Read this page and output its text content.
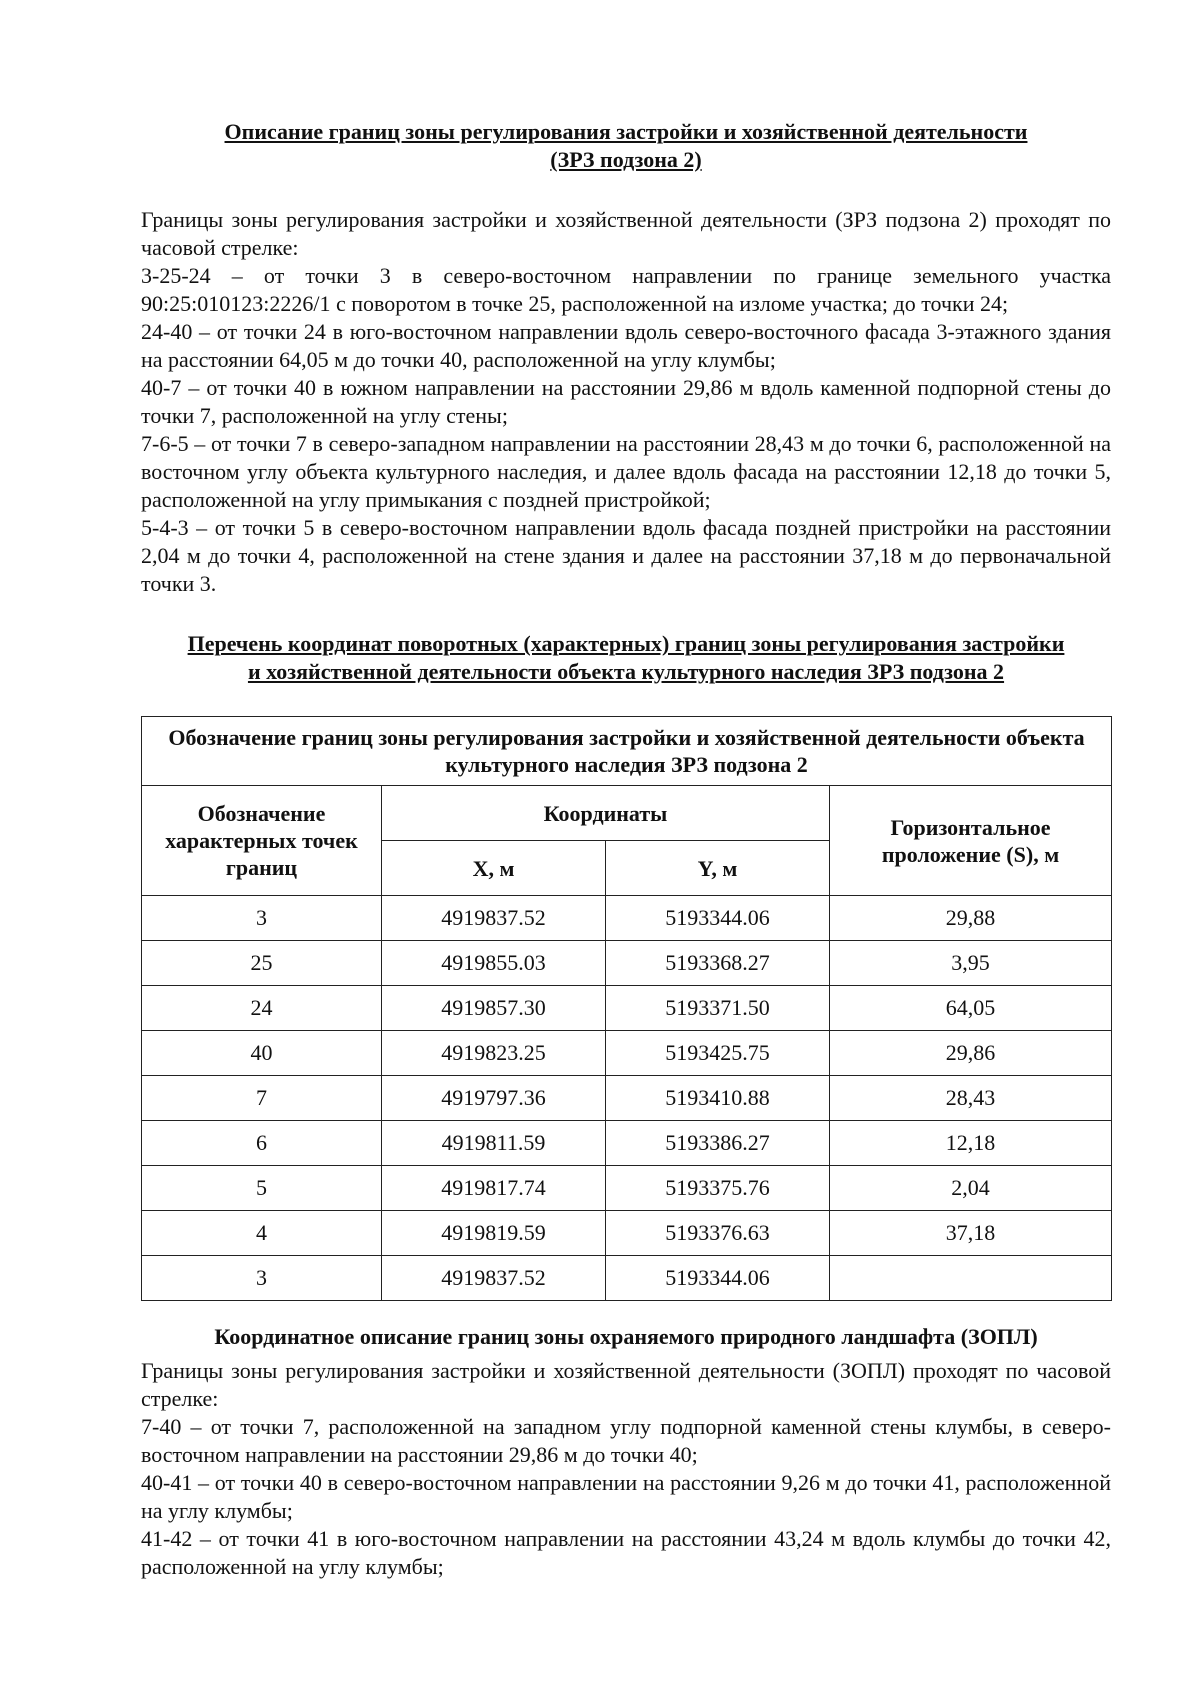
Описание границ зоны регулирования застройки и хозяйственной деятельности
(ЗРЗ подзона 2)

Границы зоны регулирования застройки и хозяйственной деятельности (ЗРЗ подзона 2) проходят по часовой стрелке:

3-25-24 – от точки 3 в северо-восточном направлении по границе земельного участка 90:25:010123:2226/1 с поворотом в точке 25, расположенной на изломе участка; до точки 24;

24-40 – от точки 24 в юго-восточном направлении вдоль северо-восточного фасада 3-этажного здания на расстоянии 64,05 м до точки 40, расположенной на углу клумбы;

40-7 – от точки 40 в южном направлении на расстоянии 29,86 м вдоль каменной подпорной стены до точки 7, расположенной на углу стены;

7-6-5 – от точки 7 в северо-западном направлении на расстоянии 28,43 м до точки 6, расположенной на восточном углу объекта культурного наследия, и далее вдоль фасада на расстоянии 12,18 до точки 5, расположенной на углу примыкания с поздней пристройкой;

5-4-3 – от точки 5 в северо-восточном направлении вдоль фасада поздней пристройки на расстоянии 2,04 м до точки 4, расположенной на стене здания и далее на расстоянии 37,18 м до первоначальной точки 3.

Перечень координат поворотных (характерных) границ зоны регулирования застройки
и хозяйственной деятельности объекта культурного наследия ЗРЗ подзона 2
Обозначение границ зоны регулирования застройки и хозяйственной деятельности объекта культурного наследия ЗРЗ подзона 2			
Обозначение характерных точек границ	Координаты		Горизонтальное проложение (S), м
	X, м	Y, м	
3	4919837.52	5193344.06	29,88
25	4919855.03	5193368.27	3,95
24	4919857.30	5193371.50	64,05
40	4919823.25	5193425.75	29,86
7	4919797.36	5193410.88	28,43
6	4919811.59	5193386.27	12,18
5	4919817.74	5193375.76	2,04
4	4919819.59	5193376.63	37,18
3	4919837.52	5193344.06	
Координатное описание границ зоны охраняемого природного ландшафта (ЗОПЛ)

Границы зоны регулирования застройки и хозяйственной деятельности (ЗОПЛ) проходят по часовой стрелке:

7-40 – от точки 7, расположенной на западном углу подпорной каменной стены клумбы, в северо-восточном направлении на расстоянии 29,86 м до точки 40;

40-41 – от точки 40 в северо-восточном направлении на расстоянии 9,26 м до точки 41, расположенной на углу клумбы;

41-42 – от точки 41 в юго-восточном направлении на расстоянии 43,24 м вдоль клумбы до точки 42, расположенной на углу клумбы;
